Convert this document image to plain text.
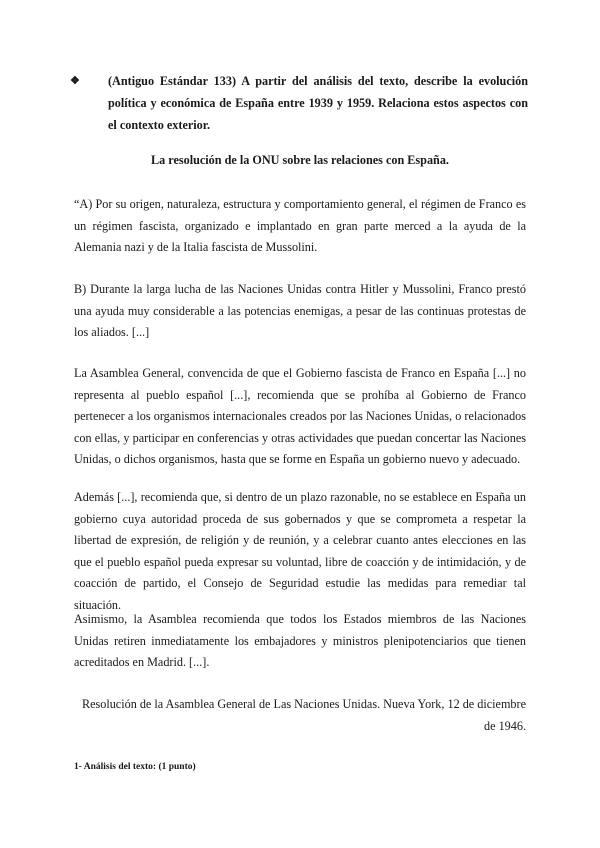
❖	(Antiguo Estándar 133) A partir del análisis del texto, describe la evolución política y económica de España entre 1939 y 1959. Relaciona estos aspectos con el contexto exterior.
La resolución de la ONU sobre las relaciones con España.

“A) Por su origen, naturaleza, estructura y comportamiento general, el régimen de Franco es un régimen fascista, organizado e implantado en gran parte merced a la ayuda de la Alemania nazi y de la Italia fascista de Mussolini.

B) Durante la larga lucha de las Naciones Unidas contra Hitler y Mussolini, Franco prestó una ayuda muy considerable a las potencias enemigas, a pesar de las continuas protestas de los aliados. [...]

La Asamblea General, convencida de que el Gobierno fascista de Franco en España [...] no representa al pueblo español [...], recomienda que se prohíba al Gobierno de Franco pertenecer a los organismos internacionales creados por las Naciones Unidas, o relacionados con ellas, y participar en conferencias y otras actividades que puedan concertar las Naciones Unidas, o dichos organismos, hasta que se forme en España un gobierno nuevo y adecuado.

Además [...], recomienda que, si dentro de un plazo razonable, no se establece en España un gobierno cuya autoridad proceda de sus gobernados y que se comprometa a respetar la libertad de expresión, de religión y de reunión, y a celebrar cuanto antes elecciones en las que el pueblo español pueda expresar su voluntad, libre de coacción y de intimidación, y de coacción de partido, el Consejo de Seguridad estudie las medidas para remediar tal situación.

Asimismo, la Asamblea recomienda que todos los Estados miembros de las Naciones Unidas retiren inmediatamente los embajadores y ministros plenipotenciarios que tienen acreditados en Madrid. [...].

Resolución de la Asamblea General de Las Naciones Unidas. Nueva York, 12 de diciembre de 1946.
1- Análisis del texto: (1 punto)
